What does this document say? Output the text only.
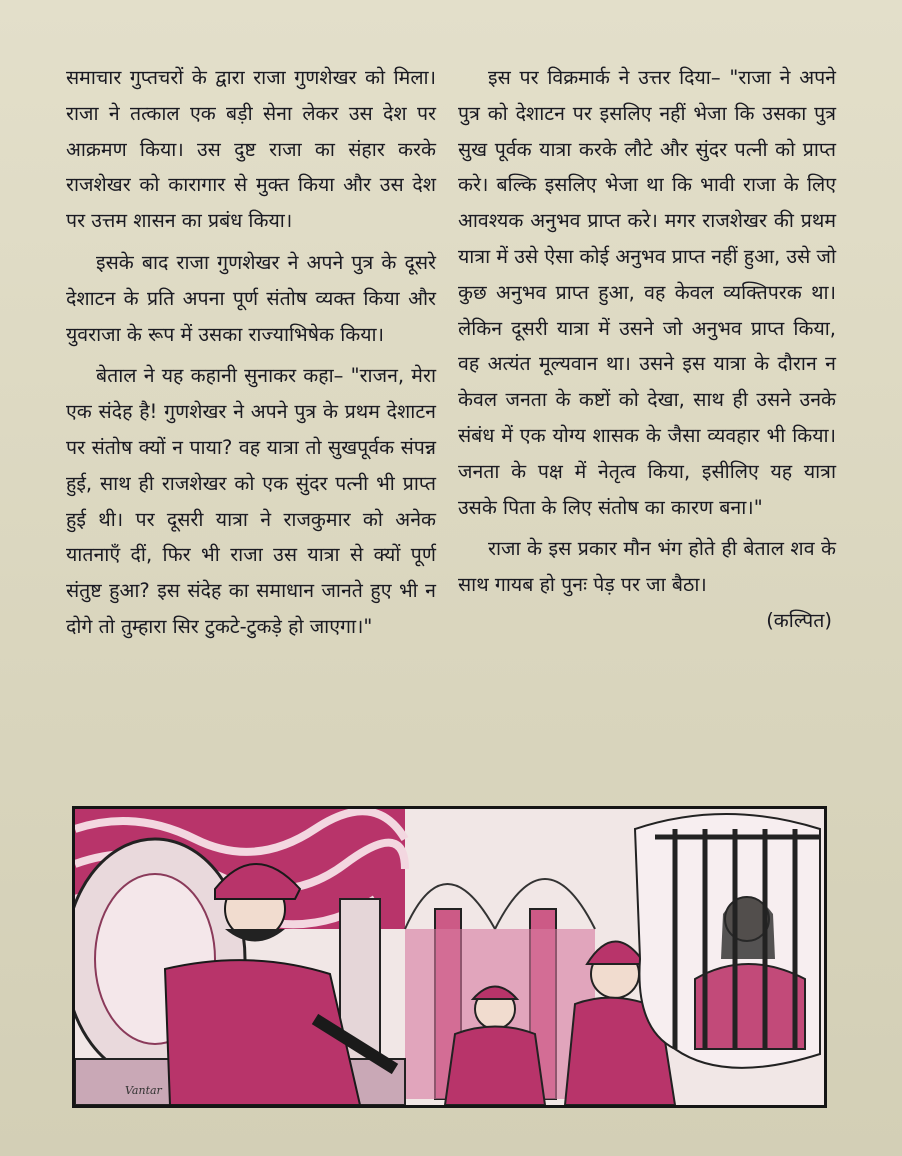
समाचार गुप्तचरों के द्वारा राजा गुणशेखर को मिला। राजा ने तत्काल एक बड़ी सेना लेकर उस देश पर आक्रमण किया। उस दुष्ट राजा का संहार करके राजशेखर को कारागार से मुक्त किया और उस देश पर उत्तम शासन का प्रबंध किया।

इसके बाद राजा गुणशेखर ने अपने पुत्र के दूसरे देशाटन के प्रति अपना पूर्ण संतोष व्यक्त किया और युवराजा के रूप में उसका राज्याभिषेक किया।

बेताल ने यह कहानी सुनाकर कहा– "राजन, मेरा एक संदेह है! गुणशेखर ने अपने पुत्र के प्रथम देशाटन पर संतोष क्यों न पाया? वह यात्रा तो सुखपूर्वक संपन्न हुई, साथ ही राजशेखर को एक सुंदर पत्नी भी प्राप्त हुई थी। पर दूसरी यात्रा ने राजकुमार को अनेक यातनाएँ दीं, फिर भी राजा उस यात्रा से क्यों पूर्ण संतुष्ट हुआ? इस संदेह का समाधान जानते हुए भी न दोगे तो तुम्हारा सिर टुकटे-टुकड़े हो जाएगा।"

इस पर विक्रमार्क ने उत्तर दिया– "राजा ने अपने पुत्र को देशाटन पर इसलिए नहीं भेजा कि उसका पुत्र सुख पूर्वक यात्रा करके लौटे और सुंदर पत्नी को प्राप्त करे। बल्कि इसलिए भेजा था कि भावी राजा के लिए आवश्यक अनुभव प्राप्त करे। मगर राजशेखर की प्रथम यात्रा में उसे ऐसा कोई अनुभव प्राप्त नहीं हुआ, उसे जो कुछ अनुभव प्राप्त हुआ, वह केवल व्यक्तिपरक था। लेकिन दूसरी यात्रा में उसने जो अनुभव प्राप्त किया, वह अत्यंत मूल्यवान था। उसने इस यात्रा के दौरान न केवल जनता के कष्टों को देखा, साथ ही उसने उनके संबंध में एक योग्य शासक के जैसा व्यवहार भी किया। जनता के पक्ष में नेतृत्व किया, इसीलिए यह यात्रा उसके पिता के लिए संतोष का कारण बना।"

राजा के इस प्रकार मौन भंग होते ही बेताल शव के साथ गायब हो पुनः पेड़ पर जा बैठा।
(कल्पित)

Vantar
